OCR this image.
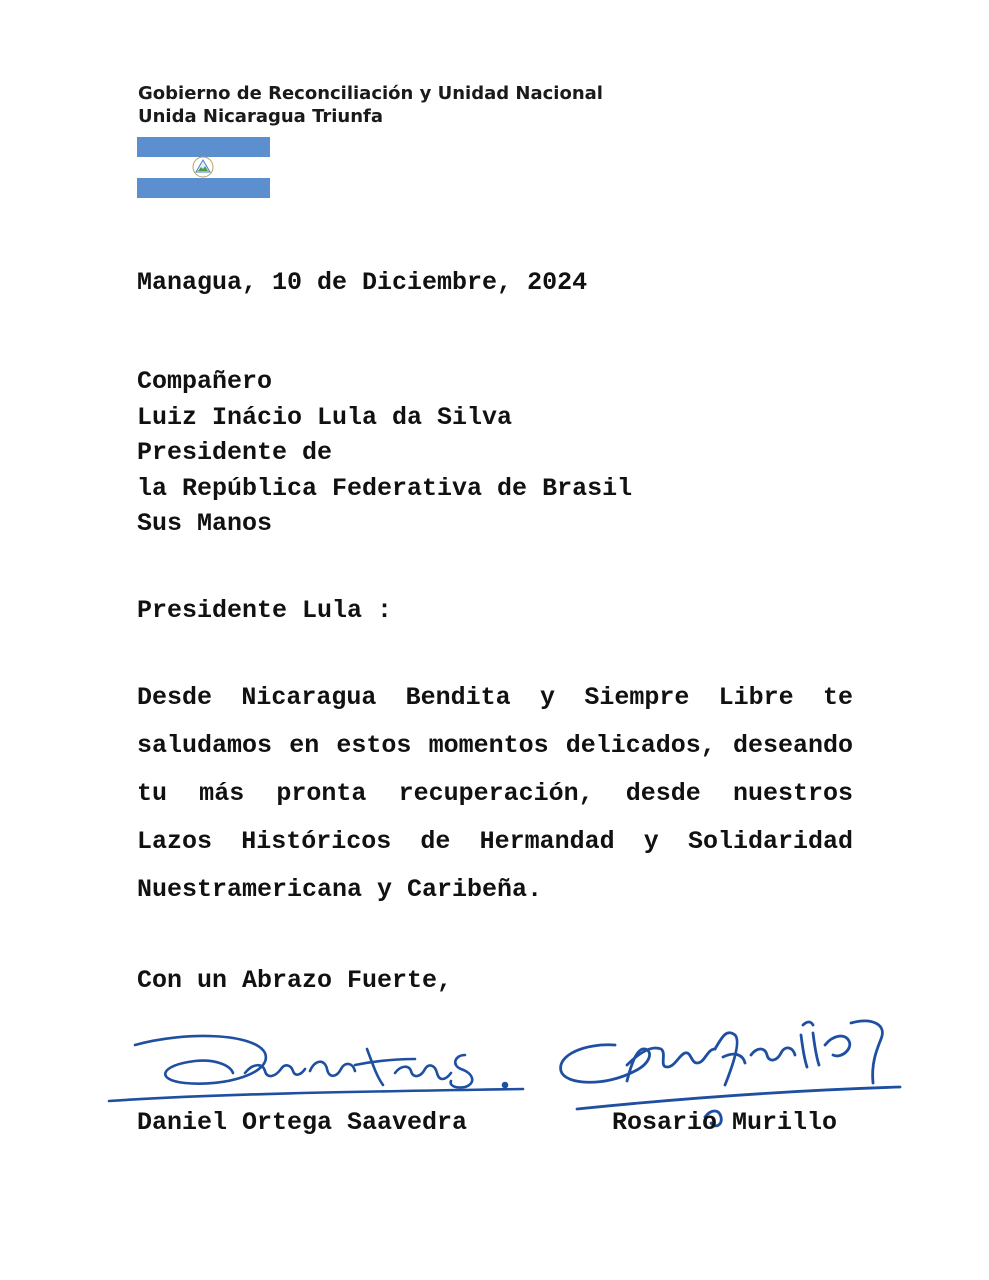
Gobierno de Reconciliación y Unidad Nacional
Unida Nicaragua Triunfa
Managua, 10 de Diciembre, 2024
Compañero
Luiz Inácio Lula da Silva
Presidente de
la República Federativa de Brasil
Sus Manos
Presidente Lula :
Desde Nicaragua Bendita y Siempre Libre te saludamos en estos momentos delicados, deseando tu más pronta recuperación, desde nuestros Lazos Históricos de Hermandad y Solidaridad Nuestramericana y Caribeña.
Con un Abrazo Fuerte,
Daniel Ortega Saavedra	Rosario Murillo
